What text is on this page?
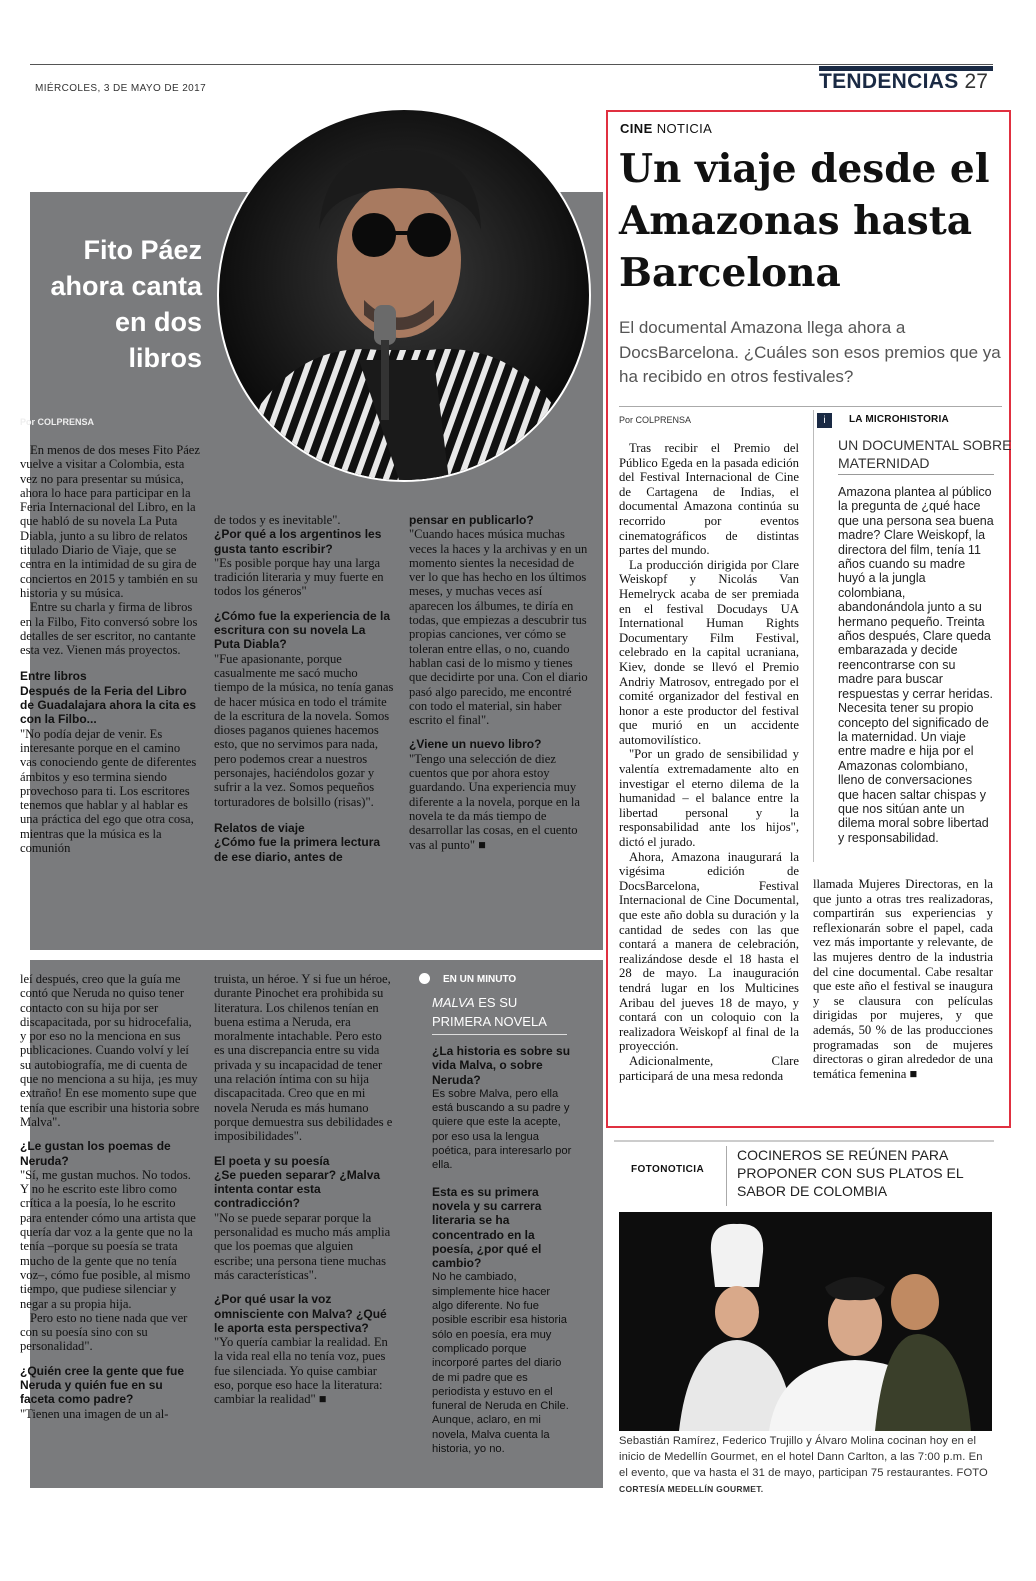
MIÉRCOLES, 3 DE MAYO DE 2017	TENDENCIAS 27
Fito Páez ahora canta en dos libros
Por COLPRENSA

En menos de dos meses Fito Páez vuelve a visitar a Colombia, esta vez no para presentar su música, ahora lo hace para participar en la Feria Internacional del Libro, en la que habló de su novela La Puta Diabla, junto a su libro de relatos titulado Diario de Viaje, que se centra en la intimidad de su gira de conciertos en 2015 y también en su historia y su música.

Entre su charla y firma de libros en la Filbo, Fito conversó sobre los detalles de ser escritor, no cantante esta vez. Vienen más proyectos.

Entre libros

Después de la Feria del Libro de Guadalajara ahora la cita es con la Filbo...

"No podía dejar de venir. Es interesante porque en el camino vas conociendo gente de diferentes ámbitos y eso termina siendo provechoso para ti. Los escritores tenemos que hablar y al hablar es una práctica del ego que otra cosa, mientras que la música es la comunión

de todos y es inevitable".

¿Por qué a los argentinos les gusta tanto escribir?

"Es posible porque hay una larga tradición literaria y muy fuerte en todos los géneros"

¿Cómo fue la experiencia de la escritura con su novela La Puta Diabla?

"Fue apasionante, porque casualmente me sacó mucho tiempo de la música, no tenía ganas de hacer música en todo el trámite de la escritura de la novela. Somos dioses paganos quienes hacemos esto, que no servimos para nada, pero podemos crear a nuestros personajes, haciéndolos gozar y sufrir a la vez. Somos pequeños torturadores de bolsillo (risas)".

Relatos de viaje

¿Cómo fue la primera lectura de ese diario, antes de

pensar en publicarlo?

"Cuando haces música muchas veces la haces y la archivas y en un momento sientes la necesidad de ver lo que has hecho en los últimos meses, y muchas veces así aparecen los álbumes, te diría en todas, que empiezas a descubrir tus propias canciones, ver cómo se toleran entre ellas, o no, cuando hablan casi de lo mismo y tienes que decidirte por una. Con el diario pasó algo parecido, me encontré con todo el material, sin haber escrito el final".

¿Viene un nuevo libro?

"Tengo una selección de diez cuentos que por ahora estoy guardando. Una experiencia muy diferente a la novela, porque en la novela te da más tiempo de desarrollar las cosas, en el cuento vas al punto" ■

leí después, creo que la guía me contó que Neruda no quiso tener contacto con su hija por ser discapacitada, por su hidrocefalia, y por eso no la menciona en sus publicaciones. Cuando volví y leí su autobiografía, me di cuenta de que no menciona a su hija, ¡es muy extraño! En ese momento supe que tenía que escribir una historia sobre Malva".

¿Le gustan los poemas de Neruda?

"Sí, me gustan muchos. No todos. Y no he escrito este libro como crítica a la poesía, lo he escrito para entender cómo una artista que quería dar voz a la gente que no la tenía –porque su poesía se trata mucho de la gente que no tenía voz–, cómo fue posible, al mismo tiempo, que pudiese silenciar y negar a su propia hija.

Pero esto no tiene nada que ver con su poesía sino con su personalidad".

¿Quién cree la gente que fue Neruda y quién fue en su faceta como padre?

"Tienen una imagen de un al-

truista, un héroe. Y si fue un héroe, durante Pinochet era prohibida su literatura. Los chilenos tenían en buena estima a Neruda, era moralmente intachable. Pero esto es una discrepancia entre su vida privada y su incapacidad de tener una relación íntima con su hija discapacitada. Creo que en mi novela Neruda es más humano porque demuestra sus debilidades e imposibilidades".

El poeta y su poesía

¿Se pueden separar? ¿Malva intenta contar esta contradicción?

"No se puede separar porque la personalidad es mucho más amplia que los poemas que alguien escribe; una persona tiene muchas más características".

¿Por qué usar la voz omnisciente con Malva? ¿Qué le aporta esta perspectiva?

"Yo quería cambiar la realidad. En la vida real ella no tenía voz, pues fue silenciada. Yo quise cambiar eso, porque eso hace la literatura: cambiar la realidad" ■

EN UN MINUTO
MALVA ES SU PRIMERA NOVELA

¿La historia es sobre su vida Malva, o sobre Neruda?

Es sobre Malva, pero ella está buscando a su padre y quiere que este la acepte, por eso usa la lengua poética, para interesarlo por ella.

Esta es su primera novela y su carrera literaria se ha concentrado en la poesía, ¿por qué el cambio?

No he cambiado, simplemente hice hacer algo diferente. No fue posible escribir esa historia sólo en poesía, era muy complicado porque incorporé partes del diario de mi padre que es periodista y estuvo en el funeral de Neruda en Chile. Aunque, aclaro, en mi novela, Malva cuenta la historia, yo no.

CINE NOTICIA
Un viaje desde el Amazonas hasta Barcelona
El documental Amazona llega ahora a DocsBarcelona. ¿Cuáles son esos premios que ya ha recibido en otros festivales?
Por COLPRENSA

Tras recibir el Premio del Público Egeda en la pasada edición del Festival Internacional de Cine de Cartagena de Indias, el documental Amazona continúa su recorrido por eventos cinematográficos de distintas partes del mundo.

La producción dirigida por Clare Weiskopf y Nicolás Van Hemelryck acaba de ser premiada en el festival Docudays UA International Human Rights Documentary Film Festival, celebrado en la capital ucraniana, Kiev, donde se llevó el Premio Andriy Matrosov, entregado por el comité organizador del festival en honor a este productor del festival que murió en un accidente automovilístico.

"Por un grado de sensibilidad y valentía extremadamente alto en investigar el eterno dilema de la humanidad – el balance entre la libertad personal y la responsabilidad ante los hijos", dictó el jurado.

Ahora, Amazona inaugurará la vigésima edición de DocsBarcelona, Festival Internacional de Cine Documental, que este año dobla su duración y la cantidad de sedes con las que contará a manera de celebración, realizándose desde el 18 hasta el 28 de mayo. La inauguración tendrá lugar en los Multicines Aribau del jueves 18 de mayo, y contará con un coloquio con la realizadora Weiskopf al final de la proyección.

Adicionalmente, Clare participará de una mesa redonda

i	LA MICROHISTORIA
UN DOCUMENTAL SOBRE MATERNIDAD
Amazona plantea al público la pregunta de ¿qué hace que una persona sea buena madre? Clare Weiskopf, la directora del film, tenía 11 años cuando su madre huyó a la jungla colombiana, abandonándola junto a su hermano pequeño. Treinta años después, Clare queda embarazada y decide reencontrarse con su madre para buscar respuestas y cerrar heridas. Necesita tener su propio concepto del significado de la maternidad. Un viaje entre madre e hija por el Amazonas colombiano, lleno de conversaciones que hacen saltar chispas y que nos sitúan ante un dilema moral sobre libertad y responsabilidad.

llamada Mujeres Directoras, en la que junto a otras tres realizadoras, compartirán sus experiencias y reflexionarán sobre el papel, cada vez más importante y relevante, de las mujeres dentro de la industria del cine documental. Cabe resaltar que este año el festival se inaugura y se clausura con películas dirigidas por mujeres, y que además, 50 % de las producciones programadas son de mujeres directoras o giran alrededor de una temática femenina ■

FOTONOTICIA
COCINEROS SE REÚNEN PARA PROPONER CON SUS PLATOS EL SABOR DE COLOMBIA
Sebastián Ramírez, Federico Trujillo y Álvaro Molina cocinan hoy en el inicio de Medellín Gourmet, en el hotel Dann Carlton, a las 7:00 p.m. En el evento, que va hasta el 31 de mayo, participan 75 restaurantes. FOTO CORTESÍA MEDELLÍN GOURMET.
